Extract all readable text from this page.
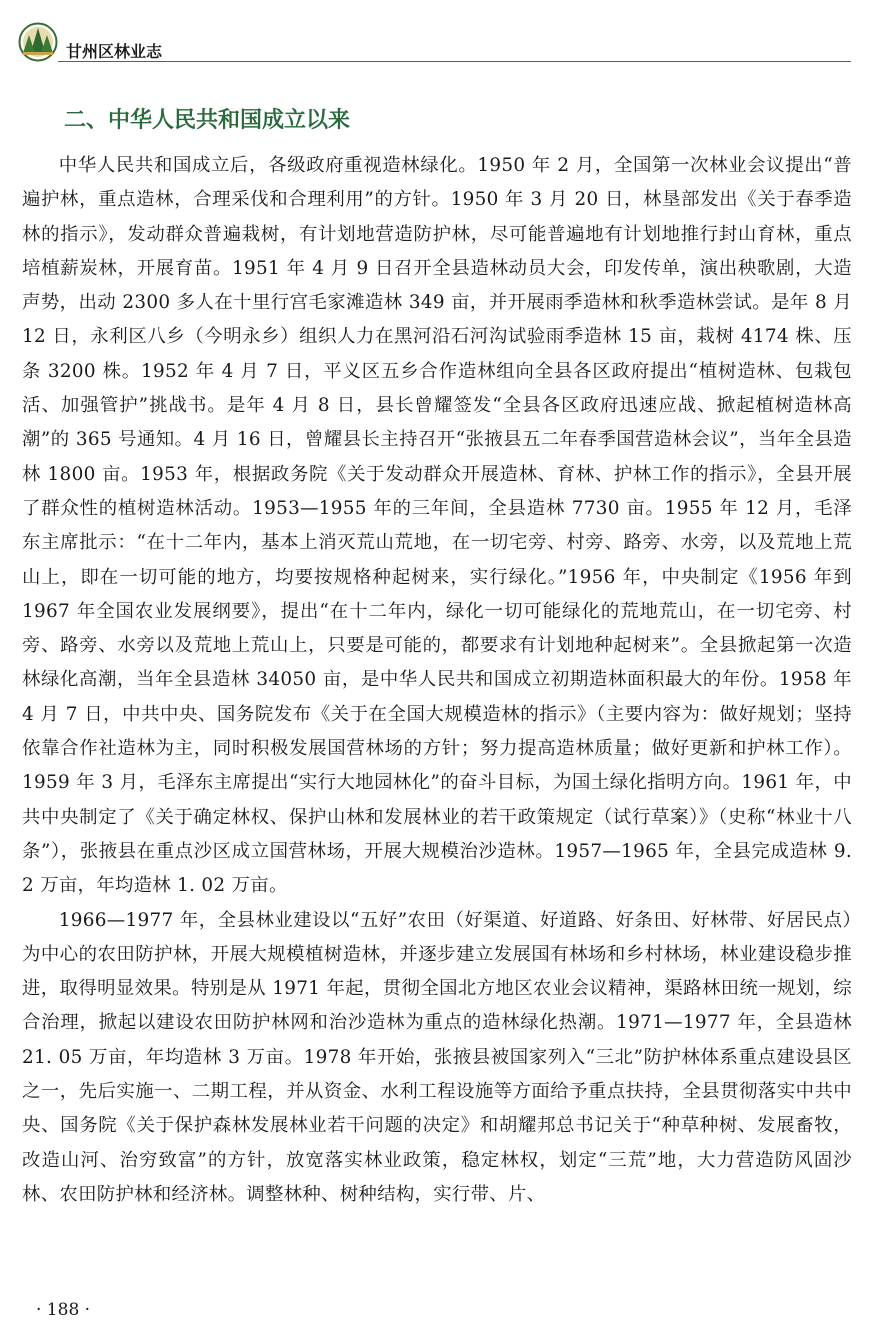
甘州区林业志
二、中华人民共和国成立以来

中华人民共和国成立后，各级政府重视造林绿化。1950 年 2 月，全国第一次林业会议提出“普遍护林，重点造林，合理采伐和合理利用”的方针。1950 年 3 月 20 日，林垦部发出《关于春季造林的指示》，发动群众普遍栽树，有计划地营造防护林，尽可能普遍地有计划地推行封山育林，重点培植薪炭林，开展育苗。1951 年 4 月 9 日召开全县造林动员大会，印发传单，演出秧歌剧，大造声势，出动 2300 多人在十里行宫毛家滩造林 349 亩，并开展雨季造林和秋季造林尝试。是年 8 月 12 日，永利区八乡（今明永乡）组织人力在黑河沿石河沟试验雨季造林 15 亩，栽树 4174 株、压条 3200 株。1952 年 4 月 7 日，平义区五乡合作造林组向全县各区政府提出“植树造林、包栽包活、加强管护”挑战书。是年 4 月 8 日，县长曾耀签发“全县各区政府迅速应战、掀起植树造林高潮”的 365 号通知。4 月 16 日，曾耀县长主持召开“张掖县五二年春季国营造林会议”，当年全县造林 1800 亩。1953 年，根据政务院《关于发动群众开展造林、育林、护林工作的指示》，全县开展了群众性的植树造林活动。1953—1955 年的三年间，全县造林 7730 亩。1955 年 12 月，毛泽东主席批示：“在十二年内，基本上消灭荒山荒地，在一切宅旁、村旁、路旁、水旁，以及荒地上荒山上，即在一切可能的地方，均要按规格种起树来，实行绿化。”1956 年，中央制定《1956 年到 1967 年全国农业发展纲要》，提出“在十二年内，绿化一切可能绿化的荒地荒山，在一切宅旁、村旁、路旁、水旁以及荒地上荒山上，只要是可能的，都要求有计划地种起树来”。全县掀起第一次造林绿化高潮，当年全县造林 34050 亩，是中华人民共和国成立初期造林面积最大的年份。1958 年 4 月 7 日，中共中央、国务院发布《关于在全国大规模造林的指示》（主要内容为：做好规划；坚持依靠合作社造林为主，同时积极发展国营林场的方针；努力提高造林质量；做好更新和护林工作）。1959 年 3 月，毛泽东主席提出“实行大地园林化”的奋斗目标，为国土绿化指明方向。1961 年，中共中央制定了《关于确定林权、保护山林和发展林业的若干政策规定（试行草案）》（史称“林业十八条”），张掖县在重点沙区成立国营林场，开展大规模治沙造林。1957—1965 年，全县完成造林 9. 2 万亩，年均造林 1. 02 万亩。

1966—1977 年，全县林业建设以“五好”农田（好渠道、好道路、好条田、好林带、好居民点）为中心的农田防护林，开展大规模植树造林，并逐步建立发展国有林场和乡村林场，林业建设稳步推进，取得明显效果。特别是从 1971 年起，贯彻全国北方地区农业会议精神，渠路林田统一规划，综合治理，掀起以建设农田防护林网和治沙造林为重点的造林绿化热潮。1971—1977 年，全县造林 21. 05 万亩，年均造林 3 万亩。1978 年开始，张掖县被国家列入“三北”防护林体系重点建设县区之一，先后实施一、二期工程，并从资金、水利工程设施等方面给予重点扶持，全县贯彻落实中共中央、国务院《关于保护森林发展林业若干问题的决定》和胡耀邦总书记关于“种草种树、发展畜牧，改造山河、治穷致富”的方针，放宽落实林业政策，稳定林权，划定“三荒”地，大力营造防风固沙林、农田防护林和经济林。调整林种、树种结构，实行带、片、

· 188 ·
